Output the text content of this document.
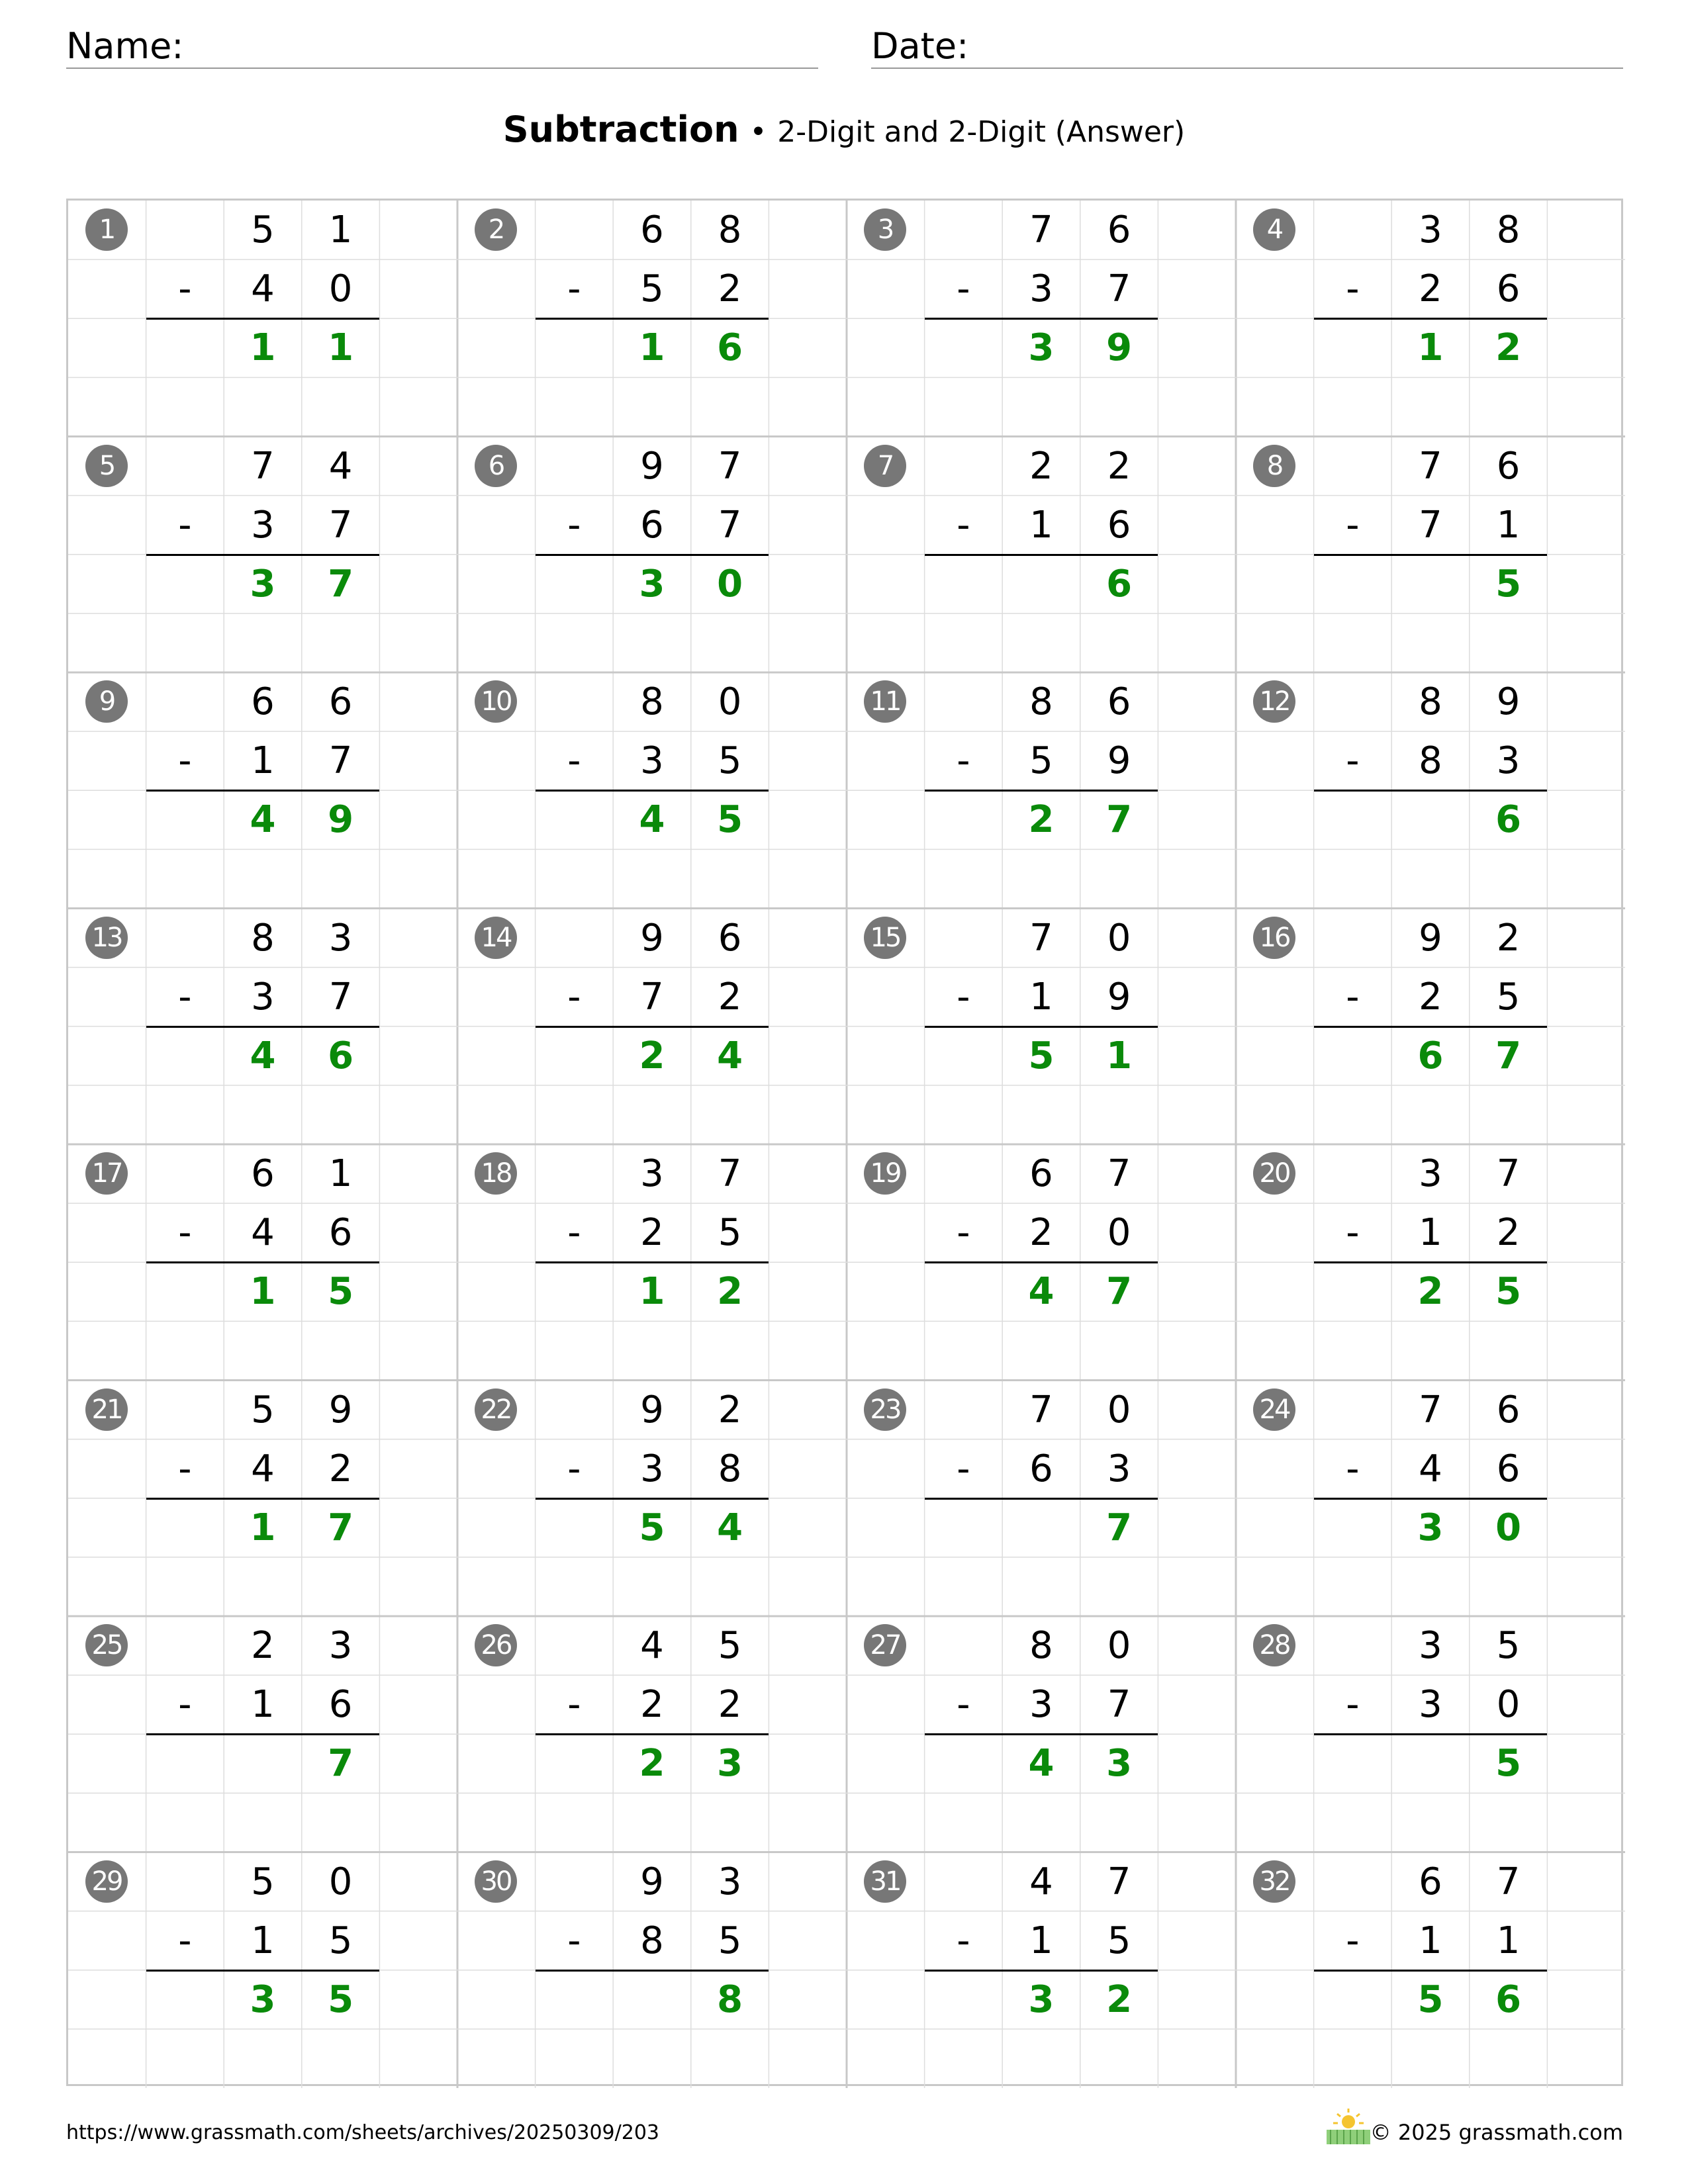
Name:	Date:
Subtraction • 2-Digit and 2-Digit (Answer)
1	5	1
-	4	0
1	1
2	6	8
-	5	2
1	6
3	7	6
-	3	7
3	9
4	3	8
-	2	6
1	2
5	7	4
-	3	7
3	7
6	9	7
-	6	7
3	0
7	2	2
-	1	6
6
8	7	6
-	7	1
5
9	6	6
-	1	7
4	9
10	8	0
-	3	5
4	5
11	8	6
-	5	9
2	7
12	8	9
-	8	3
6
13	8	3
-	3	7
4	6
14	9	6
-	7	2
2	4
15	7	0
-	1	9
5	1
16	9	2
-	2	5
6	7
17	6	1
-	4	6
1	5
18	3	7
-	2	5
1	2
19	6	7
-	2	0
4	7
20	3	7
-	1	2
2	5
21	5	9
-	4	2
1	7
22	9	2
-	3	8
5	4
23	7	0
-	6	3
7
24	7	6
-	4	6
3	0
25	2	3
-	1	6
7
26	4	5
-	2	2
2	3
27	8	0
-	3	7
4	3
28	3	5
-	3	0
5
29	5	0
-	1	5
3	5
30	9	3
-	8	5
8
31	4	7
-	1	5
3	2
32	6	7
-	1	1
5	6
https://www.grassmath.com/sheets/archives/20250309/203	© 2025 grassmath.com
